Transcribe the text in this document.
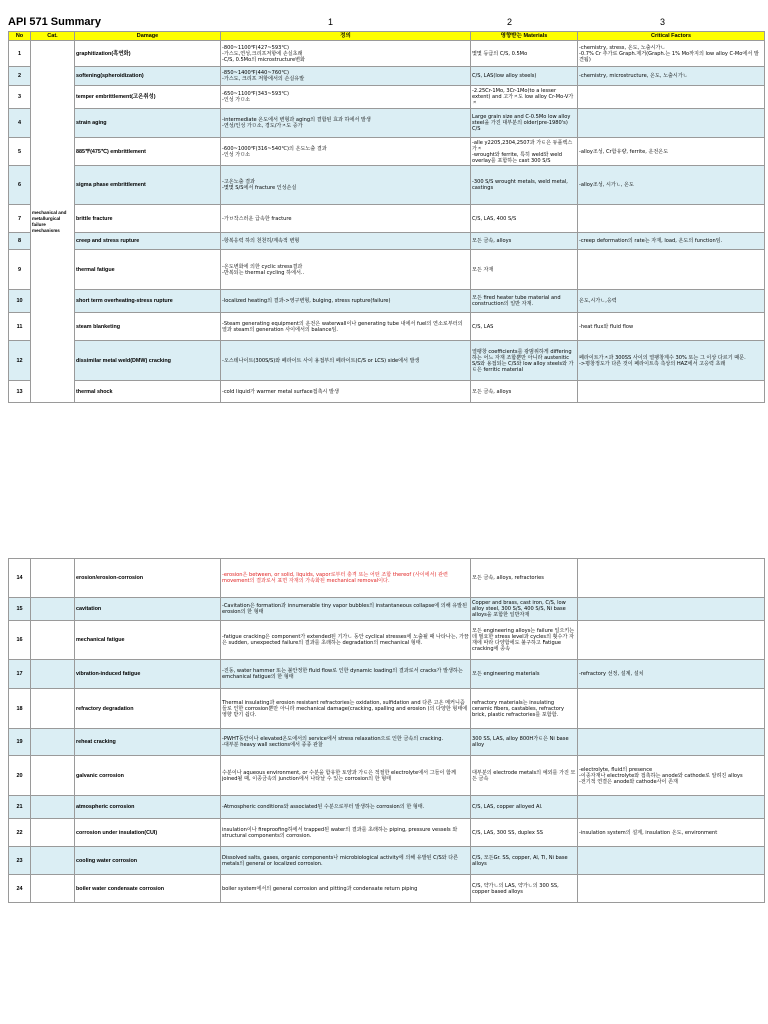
API 571 Summary	1	2	3
No	Cat.	Damage	정의	영향받는 Materials	Critical Factors
1	mechanical and metallurgical failure mechanisms	graphitization(흑연화)	-800~1100℉(427~593℃)
-가스도,연성,크리프저항에 손실초래
-C/S, 0.5Mo의 microstructure변화	몇몇 등급의 C/S, 0.5Mo	-chemistry, stress, 온도, 노출시가ㄴ
-0.7% Cr 추가로 Graph.제거(Graph.는 1% Mo까지의 low alloy C-Mo에서 발견됨)
2		softening(spheroidization)	-850~1400℉(440~760℃)
-가스도, 크리프 저항에서의 손실유발	C/S, LAS(low alloy steels)	-chemistry, microstructure, 온도, 노출시가ㄴ
3		temper embrittlement(고온취성)	-650~1100℉(343~593℃)
-인성 가ㅁ소	-2.25Cr-1Mo, 3Cr-1Mo(to a lesser extent) and 고가ㅈ도 low alloy Cr-Mo-V가ㅈ	
4		strain aging	-intermediate 온도에서 변형과 aging의 결합된 효과 하에서 발생
-연성/인성 가ㅁ소, 경도/가ㅈ도 증가	Large grain size and C-0.5Mo low alloy steel을 가진 대부분의 older(pre-1980's) C/S	
5		885℉(475℃) embrittlement	-600~1000℉(316~540℃)의 온도노출 결과
-인성 가ㅁ소	-alle y2205,2304,2507과 가ㅌ은 듀플렉스 가ㅈ
-wrought와 ferrite, 특히 weld와 weld overlay를 포함하는 cast 300 S/S	-alloy조성, Cr함유량, ferrite, 운전온도
6		sigma phase embrittlement	-고온노출 결과
-몇몇 S/S에서 fracture 인성손실	-300 S/S wrought metals, weld metal, castings	-alloy조성, 시가ㄴ, 온도
7		brittle fracture	-가ㅂ작스러운 급속한 fracture	C/S, LAS, 400 S/S	
8		creep and stress rupture	-항복응력 하의 천천히/계속적 변형	모든 금속, alloys	-creep deformation의 rate는 자재, load, 온도의 function임.
9		thermal fatigue	-온도변화에 의한 cyclic stress결과
-반복되는 thermal cycling 하에서..	모든 자재	
10		short term overheating-stress rupture	-localized heating의 결과->영구변형, bulging, stress rupture(failure)	모든 fired heater tube material and construction의 일반 자재.	온도,시가ㄴ,응력
11		steam blanketing	-Steam generating equipment의 운전은 waterwall이나 generating tube 내에서 fuel의 연소로부터의 열과 steam의 generation 사이에서의 balance임.	C/S, LAS	-heat flux와 fluid flow
12		dissimilar metal weld(DMW) cracking	-오스테나이트(300S/S)와 페라이트 사이 용접부의 페라이트(C/S or LCS) side에서 발생	열팽창 coefficients를 광범위하게 differing하는 어느 자재 조합뿐만 아니라 austenitic S/S와 용접되는 C/S와 low alloy steels와 가ㅌ은 ferritic material	페라이트가ㅈ과 300SS 사이의 열팽창계수 30% 또는 그 이상 다르기 때문.
->평창정도가 다른 것이 페라이트측 측상의 HAZ에서 고응력 초래
13		thermal shock	-cold liquid가 warmer metal surface접촉시 발생	모든 금속, alloys	
14		erosion/erosion-corrosion	-erosion은 between, or solid, liquids, vapor로부터 충격 또는 어떤 조합 thereof (사이에서) 관련 movement의 결과로서 표면 자재의 가속화된 mechanical removal이다.	모든 금속, alloys, refractories	
15		cavitation	-Cavitation은 formation과 innumerable tiny vapor bubbles의 instantaneous collapse에 의해 유발된 erosion의 한 형태	Copper and brass, cast iron, C/S, low alloy steel, 300 S/S, 400 S/S, Ni base alloys을 포함한 일반자재	
16		mechanical fatigue	-fatigue cracking은 component가 extended된 기가ㄴ 동안 cyclical stresses에 노출될 때 나타나는, 가끔은 sudden, unexpected failure의 결과를 초래하는 degradation의 mechanical 형태.	모든 engineering alloys는 failure 일으키는데 필요한 stress level과 cycles의 횟수가 자재에 따라 다양함에도 불구하고 Fatigue cracking에 종속	
17		vibration-induced fatigue	-진동, water hammer 또는 불안정한 fluid flow로 인한 dynamic loading의 결과로서 cracks가 발생하는 emchanical fatigue의 한 형태	모든 engineering materials	-refractory 선정, 설계, 설치
18		refractory degradation	Thermal insulating과 erosion resistant refractories는 oxidation, sulfidation and 다른 고온 메커니즘들로 인한 corrosion뿐만 아니라 mechanical damage(cracking, spalling and erosion )의 다양한 형태에 영향 받기 쉽다.	refractory materials는 insulating ceramic fibers, castables, refractory brick, plastic refractories를 포함함.	
19		reheat cracking	-PWHT동안이나 elevated온도에서의 service에서 stress relaxation으로 인한 금속의 cracking.
-대부분 heavy wall sections에서 종종 관찰	300 SS, LAS, alloy 800H가ㅌ은 Ni base alloy	
20		galvanic corrosion	수분이나 aqueous environment, or 수분을 함유한 토양과 가ㅌ은 적절한 electrolyte에서 그들이 함께 joined될 때, 이종금속의 junction에서 나타날 수 있는 corrosion의 한 형태	대부분의 electrode metals의 예외를 가진 모든 금속	-electrolyte, fluid의 presence
-이종자재나 electrolyte와 접촉하는 anode와 cathode로 알려진 alloys
-전기적 연결은 anode와 cathode사이 존재
21		atmospheric corrosion	-Atmospheric conditions와 associated된 수분으로부터 발생하는 corrosion의 한 형태.	C/S, LAS, copper alloyed Al.	
22		corrosion under insulation(CUI)	insulation이나 fireproofing하에서 trapped된 water의 결과를 초래하는 piping, pressure vessels 와 structural components의 corrosion.	C/S, LAS, 300 SS, duplex SS	-insulation system의 설계, insulation 온도, environment
23		cooling water corrosion	Dissolved salts, gases, organic components나 microbiological activity에 의해 유발된 C/S와 다른 metals의 general or localized corrosion.	C/S, 모든Gr. SS, copper, Al, Ti, Ni base alloys	
24		boiler water condensate corrosion	boiler system에서의 general corrosion and pitting과 condensate return piping	C/S, 약가ㄴ의 LAS, 약가ㄴ의 300 SS, copper based alloys	
